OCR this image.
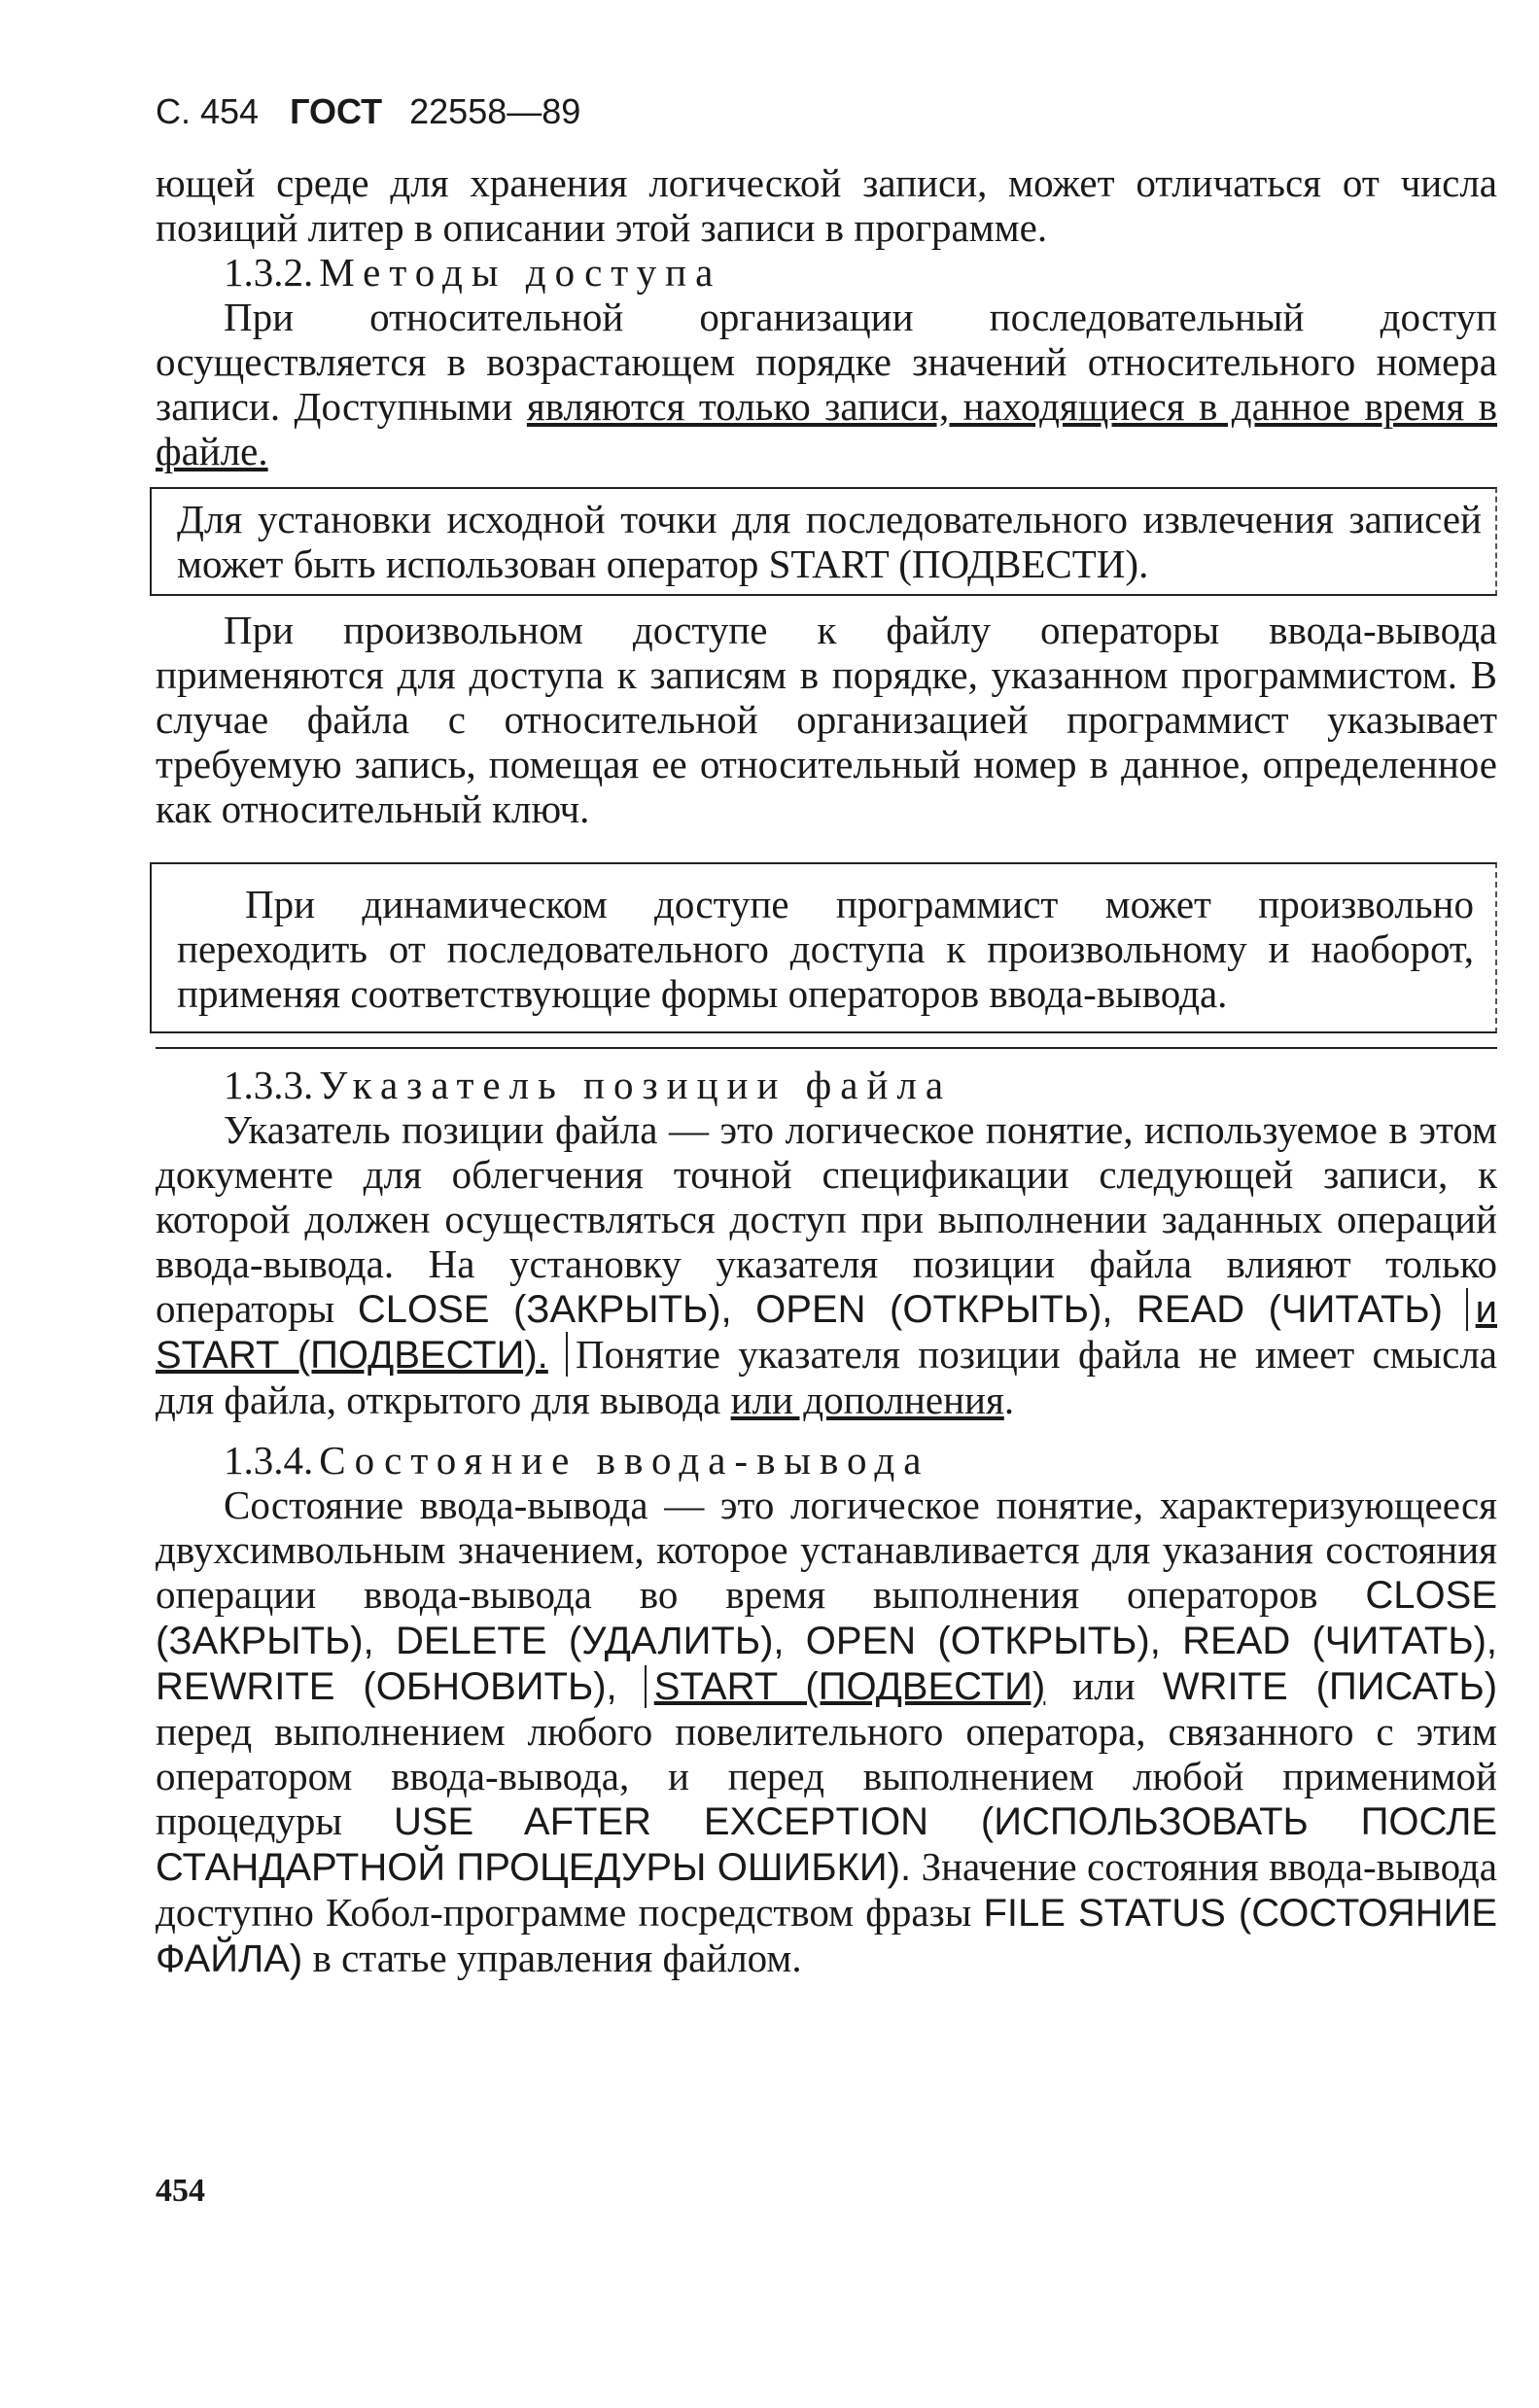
С. 454 ГОСТ 22558—89

ющей среде для хранения логической записи, может отличаться от числа позиций литер в описании этой записи в программе.

1.3.2. Методы доступа

При относительной организации последовательный доступ осуществляется в возрастающем порядке значений относительного номера записи. Доступными являются только записи, находящиеся в данное время в файле.

Для установки исходной точки для последовательного извлечения записей может быть использован оператор START (ПОДВЕСТИ).

При произвольном доступе к файлу операторы ввода-вывода применяются для доступа к записям в порядке, указанном программистом. В случае файла с относительной организацией программист указывает требуемую запись, помещая ее относительный номер в данное, определенное как относительный ключ.

При динамическом доступе программист может произвольно переходить от последовательного доступа к произвольному и наоборот, применяя соответствующие формы операторов ввода-вывода.

1.3.3. Указатель позиции файла

Указатель позиции файла — это логическое понятие, используемое в этом документе для облегчения точной спецификации следующей записи, к которой должен осуществляться доступ при выполнении заданных операций ввода-вывода. На установку указателя позиции файла влияют только операторы CLOSE (ЗАКРЫТЬ), OPEN (ОТКРЫТЬ), READ (ЧИТАТЬ) и START (ПОДВЕСТИ). Понятие указателя позиции файла не имеет смысла для файла, открытого для вывода или дополнения.

1.3.4. Состояние ввода-вывода

Состояние ввода-вывода — это логическое понятие, характеризующееся двухсимвольным значением, которое устанавливается для указания состояния операции ввода-вывода во время выполнения операторов CLOSE (ЗАКРЫТЬ), DELETE (УДАЛИТЬ), OPEN (ОТКРЫТЬ), READ (ЧИТАТЬ), REWRITE (ОБНОВИТЬ), START (ПОДВЕСТИ) или WRITE (ПИСАТЬ) перед выполнением любого повелительного оператора, связанного с этим оператором ввода-вывода, и перед выполнением любой применимой процедуры USE AFTER EXCEPTION (ИСПОЛЬЗОВАТЬ ПОСЛЕ СТАНДАРТНОЙ ПРОЦЕДУРЫ ОШИБКИ). Значение состояния ввода-вывода доступно Кобол-программе посредством фразы FILE STATUS (СОСТОЯНИЕ ФАЙЛА) в статье управления файлом.

454
